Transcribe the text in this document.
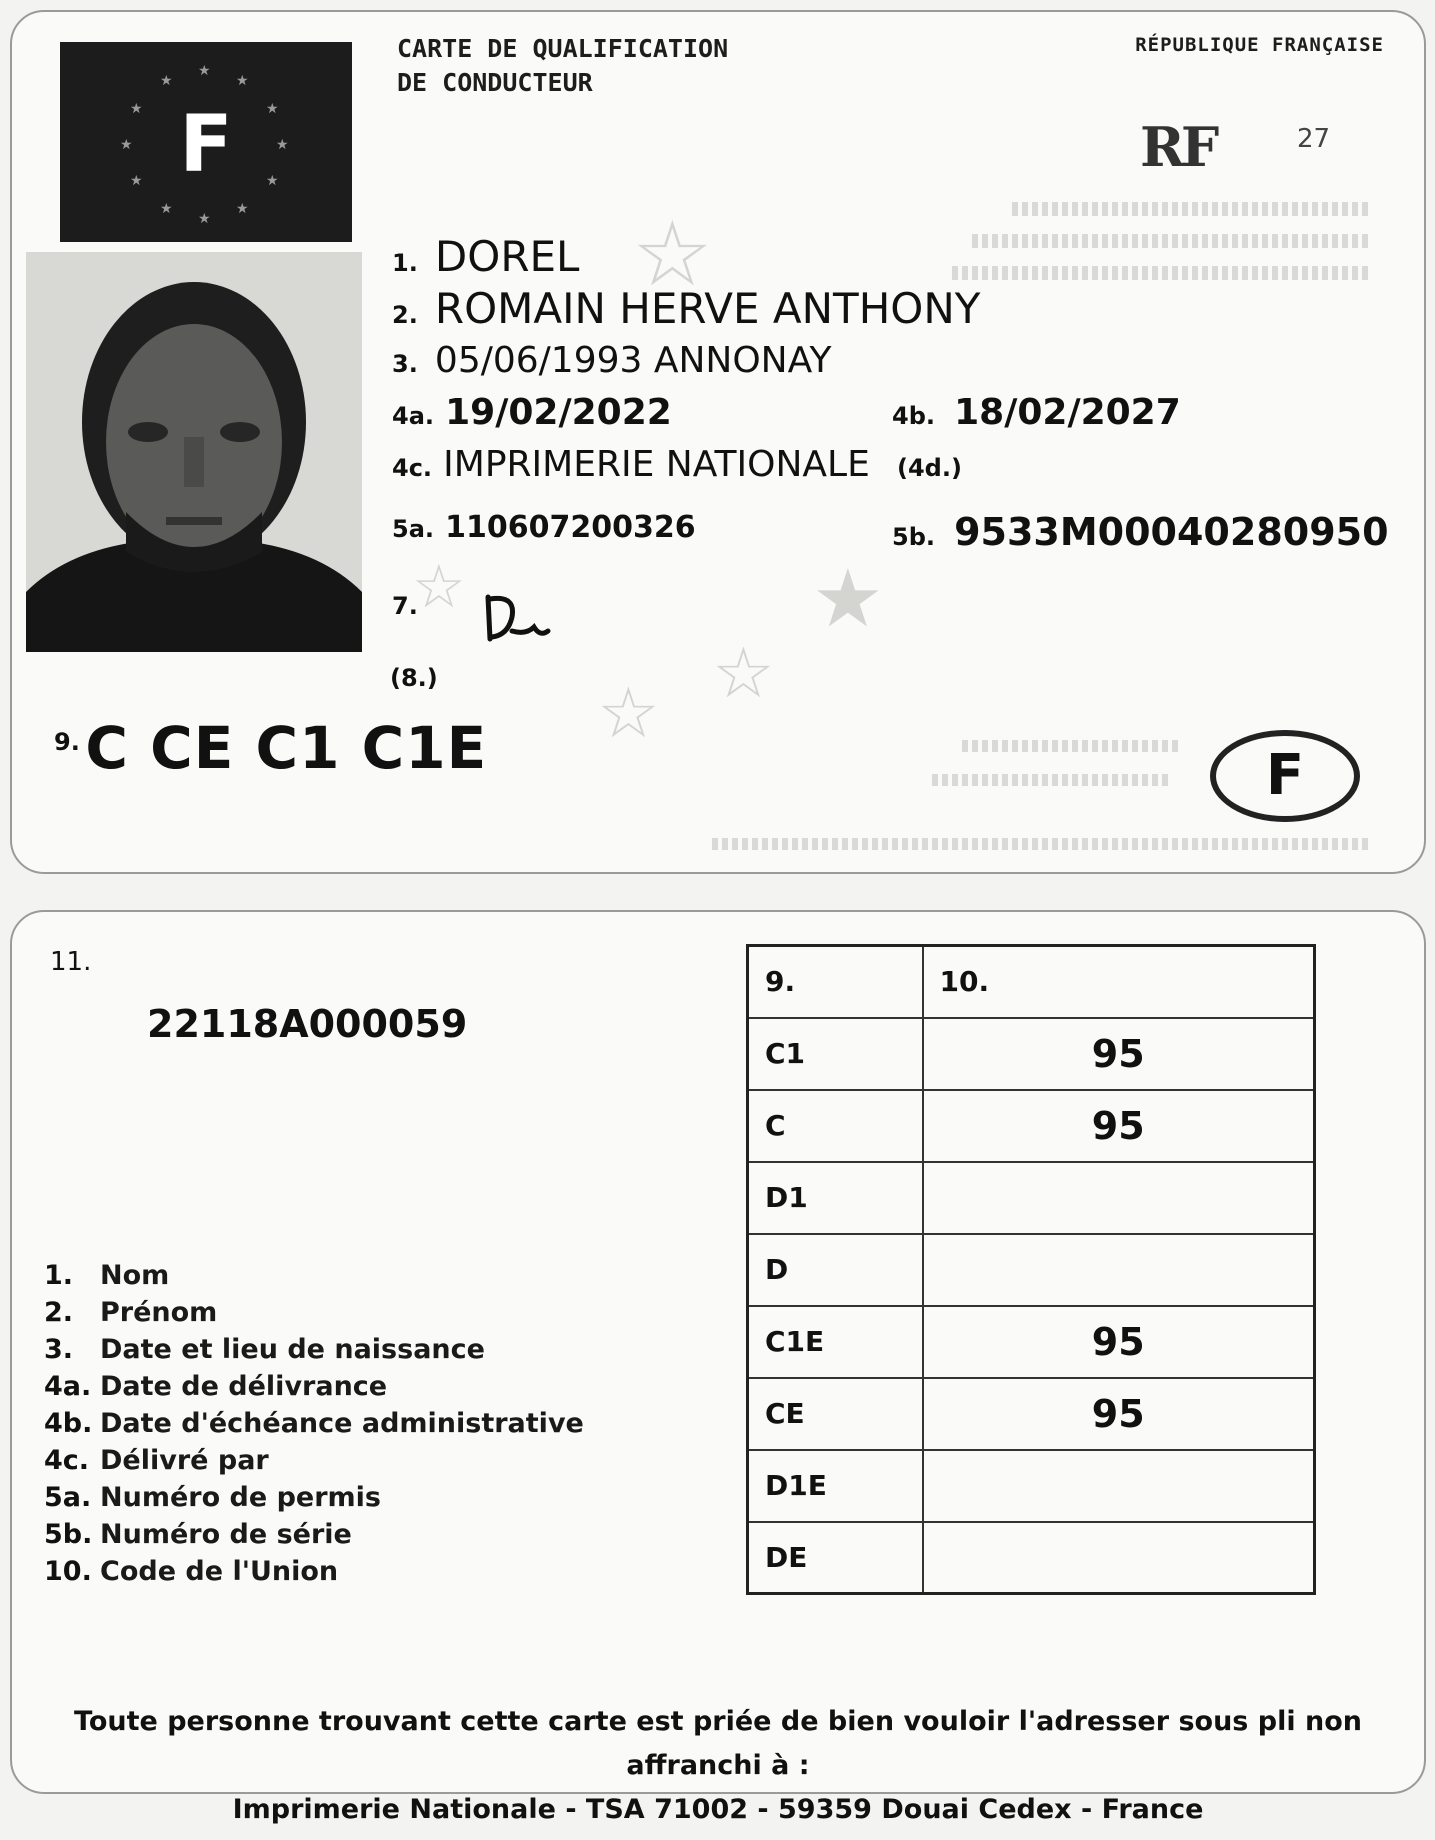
☆
★
☆
☆
☆
★
★	★
★	★
★	★
★	★
★	★
★
F
CARTE DE QUALIFICATION
DE CONDUCTEUR
RÉPUBLIQUE FRANÇAISE
RF	27
1. DOREL
2. ROMAIN HERVE ANTHONY
3. 05/06/1993 ANNONAY
4a. 19/02/2022	4b. 18/02/2027
4c. IMPRIMERIE NATIONALE (4d.)
5a. 110607200326	5b. 9533M00040280950
7.
(8.)
9. C CE C1 C1E	F
11.
22118A000059
1. Nom
2. Prénom
3. Date et lieu de naissance
4a. Date de délivrance
4b. Date d'échéance administrative
4c. Délivré par
5a. Numéro de permis
5b. Numéro de série
10. Code de l'Union
9.	10.
C1	95
C	95
D1	
D	
C1E	95
CE	95
D1E	
DE	
Toute personne trouvant cette carte est priée de bien vouloir l'adresser sous pli non affranchi à :
Imprimerie Nationale - TSA 71002 - 59359 Douai Cedex - France
